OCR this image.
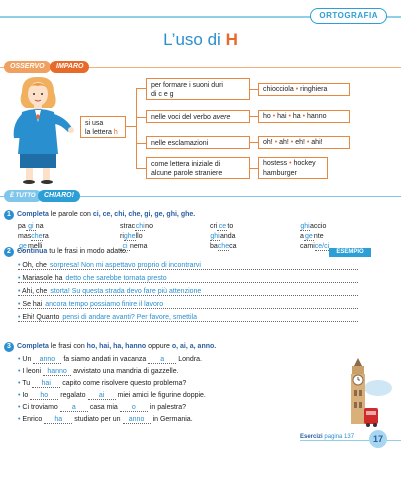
ORTOGRAFIA
L’uso di H
OSSERVO	IMPARO
si usa
la lettera h
per formare i suoni duri
di c e g
chiocciola • ringhiera
nelle voci del verbo avere	ho • hai • ha • hanno
nelle esclamazioni	oh! • ah! • eh! • ahi!
come lettera iniziale di
alcune parole straniere
hostess • hockey
hamburger
È TUTTO	CHIARO!
1 Completa le parole con ci, ce, chi, che, gi, ge, ghi, ghe.
pa gi na	stracchino	criceto	ghiaccio
maschera	righello	ghianda	agente
gemelli	ci nema	bacheca	camice/ci
2 Continua tu le frasi in modo adatto.	ESEMPIO
• Oh, che sorpresa! Non mi aspettavo proprio di incontrarvi
• Mariasole ha detto che sarebbe tornata presto
• Ahi, che storta! Su questa strada devo fare più attenzione
• Se hai ancora tempo possiamo finire il lavoro
• Ehi! Quanto pensi di andare avanti? Per favore, smettila
3 Completa le frasi con ho, hai, ha, hanno oppure o, ai, a, anno.
• Un anno fa siamo andati in vacanza a Londra.
• I leoni hanno avvistato una mandria di gazzelle.
• Tu hai capito come risolvere questo problema?
• Io ho regalato ai miei amici le figurine doppie.
• Ci troviamo a casa mia o in palestra?
• Enrico ha studiato per un anno in Germania.
Esercizi pagina 137	17
